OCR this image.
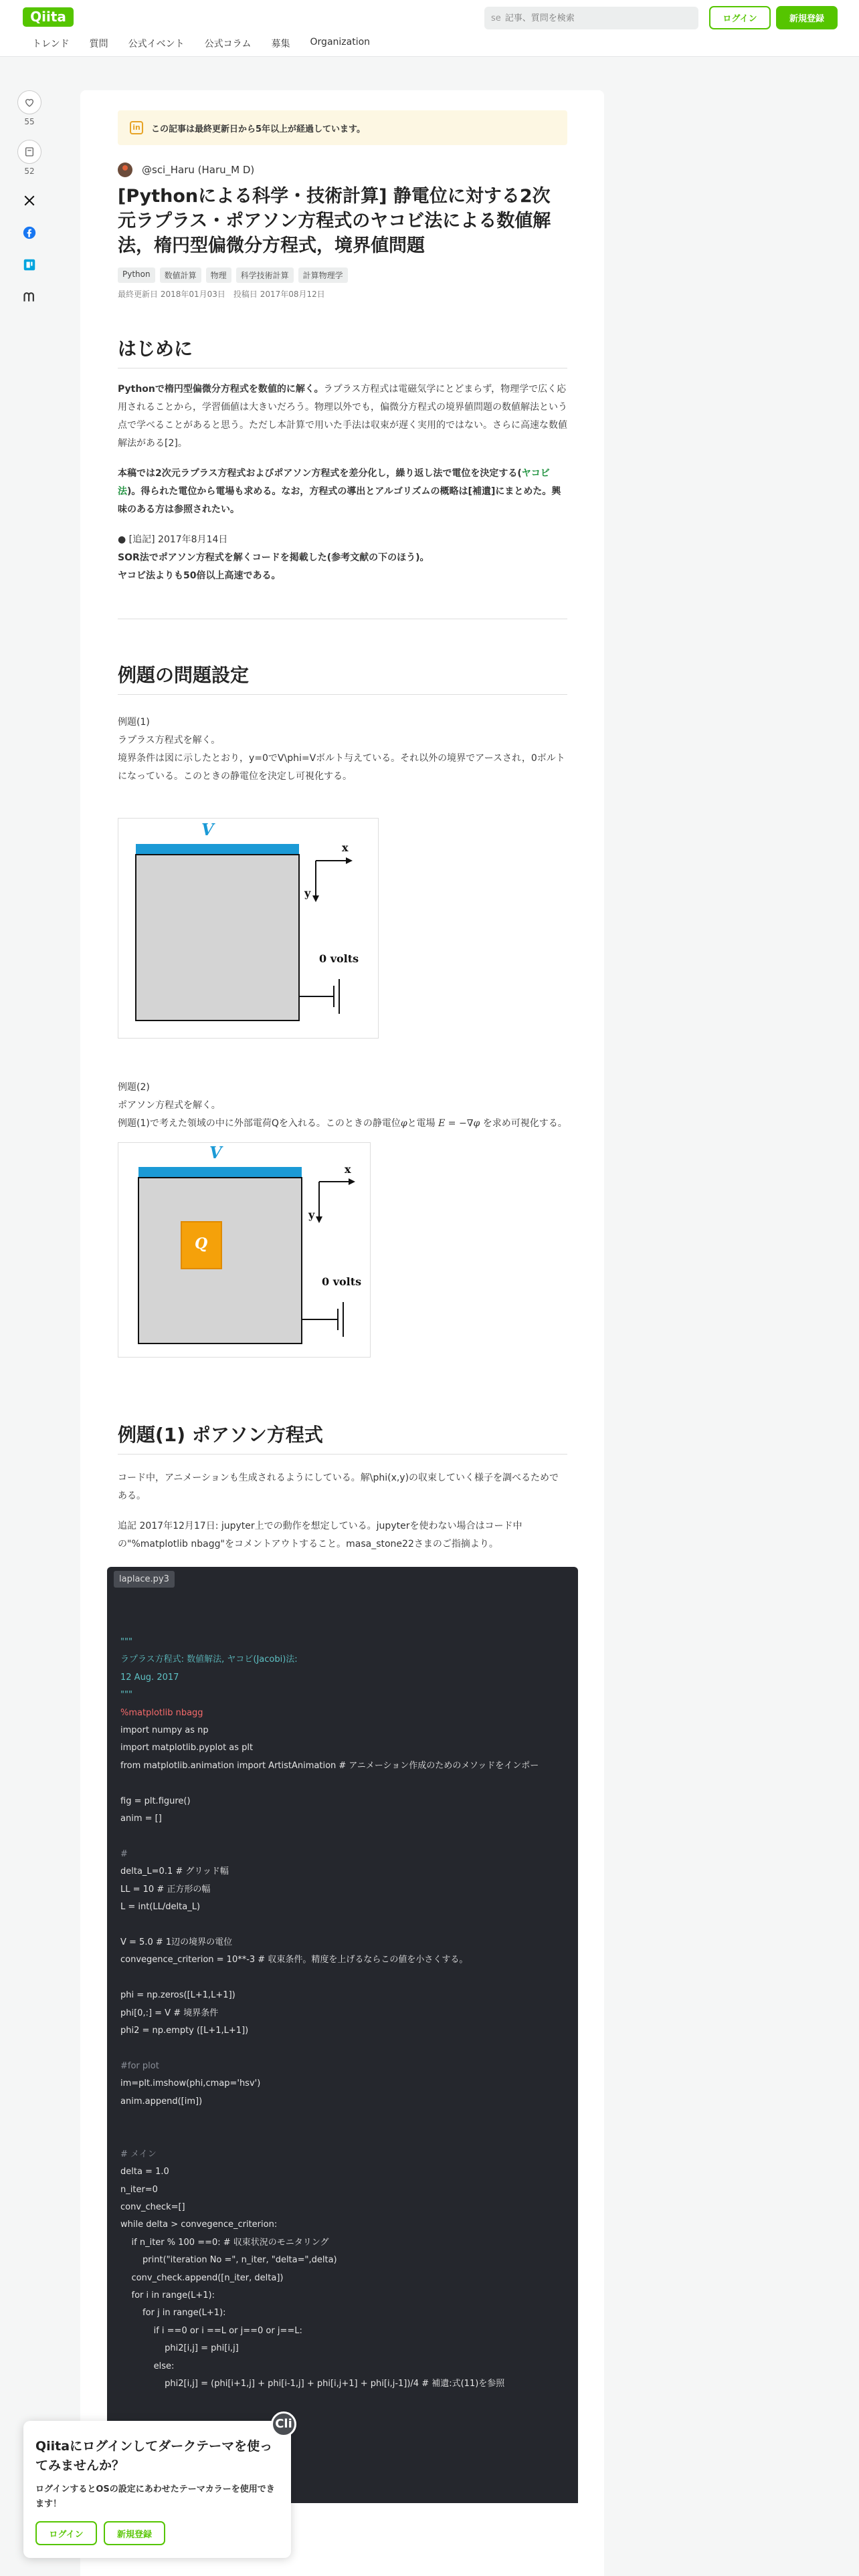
Qiita	se
記事、質問を検索	ログイン	新規登録
トレンド 質問 公式イベント 公式コラム 募集 Organization
55
52
in	この記事は最終更新日から5年以上が経過しています。
@sci_Haru (Haru_M D)
[Pythonによる科学・技術計算] 静電位に対する2次元ラプラス・ポアソン方程式のヤコビ法による数値解法，楕円型偏微分方程式，境界値問題
Python	数値計算	物理	科学技術計算	計算物理学
最終更新日 2018年01月03日　投稿日 2017年08月12日
はじめに

Pythonで楕円型偏微分方程式を数値的に解く。ラプラス方程式は電磁気学にとどまらず，物理学で広く応用されることから，学習価値は大きいだろう。物理以外でも，偏微分方程式の境界値問題の数値解法という点で学べることがあると思う。ただし本計算で用いた手法は収束が遅く実用的ではない。さらに高速な数値解法がある[2]。

本稿では2次元ラプラス方程式およびポアソン方程式を差分化し，繰り返し法で電位を決定する(ヤコビ法)。得られた電位から電場も求める。なお，方程式の導出とアルゴリズムの概略は[補遺]にまとめた。興味のある方は参照されたい。

● [追記] 2017年8月14日

SOR法でポアソン方程式を解くコードを掲載した(参考文献の下のほう)。

ヤコビ法よりも50倍以上高速である。

例題の問題設定

例題(1)

ラプラス方程式を解く。

境界条件は図に示したとおり，y=0でV\phi=Vボルト与えている。それ以外の境界でアースされ，0ボルトになっている。このときの静電位を決定し可視化する。

V
x
y
0 volts

例題(2)

ポアソン方程式を解く。

例題(1)で考えた領域の中に外部電荷Qを入れる。このときの静電位φと電場 E = −∇φ を求め可視化する。

V
Q
x
y
0 volts
例題(1) ポアソン方程式

コード中，アニメーションも生成されるようにしている。解\phi(x,y)の収束していく様子を調べるためである。

追記 2017年12月17日: jupyter上での動作を想定している。jupyterを使わない場合はコード中の"%matplotlib nbagg"をコメントアウトすること。masa_stone22さまのご指摘より。

laplace.py3
"""
ラプラス方程式: 数値解法, ヤコビ(Jacobi)法:
12 Aug. 2017
"""
%matplotlib nbagg
import numpy as np
import matplotlib.pyplot as plt
from matplotlib.animation import ArtistAnimation # アニメーション作成のためのメソッドをインポー

fig = plt.figure()
anim = []

#
delta_L=0.1 # グリッド幅
LL = 10 # 正方形の幅
L = int(LL/delta_L)

V = 5.0 # 1辺の境界の電位
convegence_criterion = 10**-3 # 収束条件。精度を上げるならこの値を小さくする。

phi = np.zeros([L+1,L+1])
phi[0,:] = V # 境界条件
phi2 = np.empty ([L+1,L+1])

#for plot
im=plt.imshow(phi,cmap='hsv')
anim.append([im])

# メイン
delta = 1.0
n_iter=0
conv_check=[]
while delta > convegence_criterion:
if n_iter % 100 ==0: # 収束状況のモニタリング
print("iteration No =", n_iter, "delta=",delta)
conv_check.append([n_iter, delta])
for i in range(L+1):
for j in range(L+1):
if i ==0 or i ==L or j==0 or j==L:
phi2[i,j] = phi[i,j]
else:
phi2[i,j] = (phi[i+1,j] + phi[i-1,j] + phi[i,j+1] + phi[i,j-1])/4 # 補遺:式(11)を参照

Cli
Qiitaにログインしてダークテーマを使ってみませんか？
ログインするとOSの設定にあわせたテーマカラーを使用できます！
ログイン	新規登録
